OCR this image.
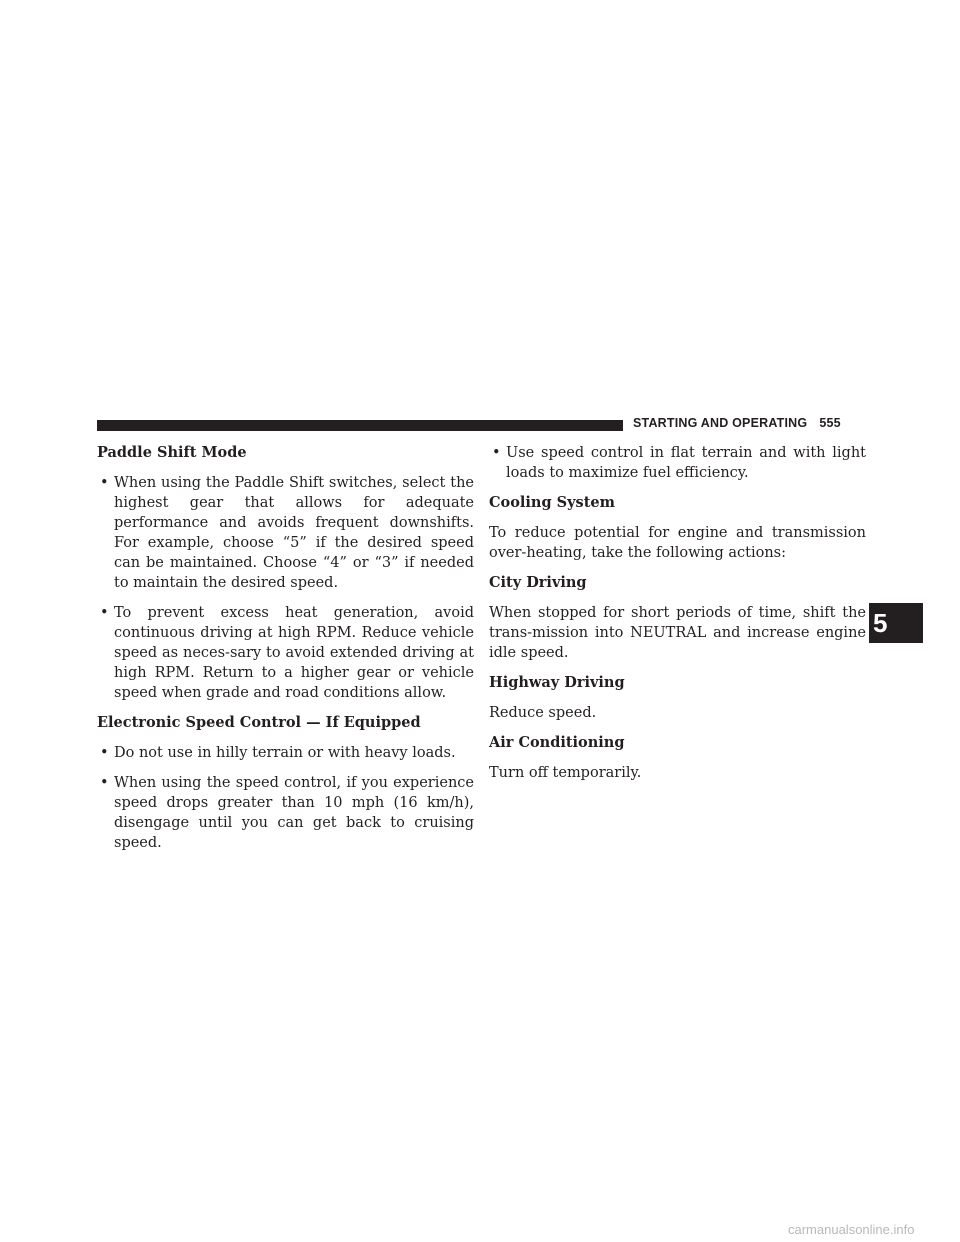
STARTING AND OPERATING 555
Paddle Shift Mode
• When using the Paddle Shift switches, select the highest gear that allows for adequate performance and avoids frequent downshifts. For example, choose “5” if the desired speed can be maintained. Choose “4” or “3” if needed to maintain the desired speed.
• To prevent excess heat generation, avoid continuous driving at high RPM. Reduce vehicle speed as neces-sary to avoid extended driving at high RPM. Return to a higher gear or vehicle speed when grade and road conditions allow.
Electronic Speed Control — If Equipped
• Do not use in hilly terrain or with heavy loads.
• When using the speed control, if you experience speed drops greater than 10 mph (16 km/h), disengage until you can get back to cruising speed.
• Use speed control in flat terrain and with light loads to maximize fuel efficiency.
Cooling System
To reduce potential for engine and transmission over-heating, take the following actions:
City Driving
When stopped for short periods of time, shift the trans-mission into NEUTRAL and increase engine idle speed.
Highway Driving
Reduce speed.
Air Conditioning
Turn off temporarily.
5
carmanualsonline.info
